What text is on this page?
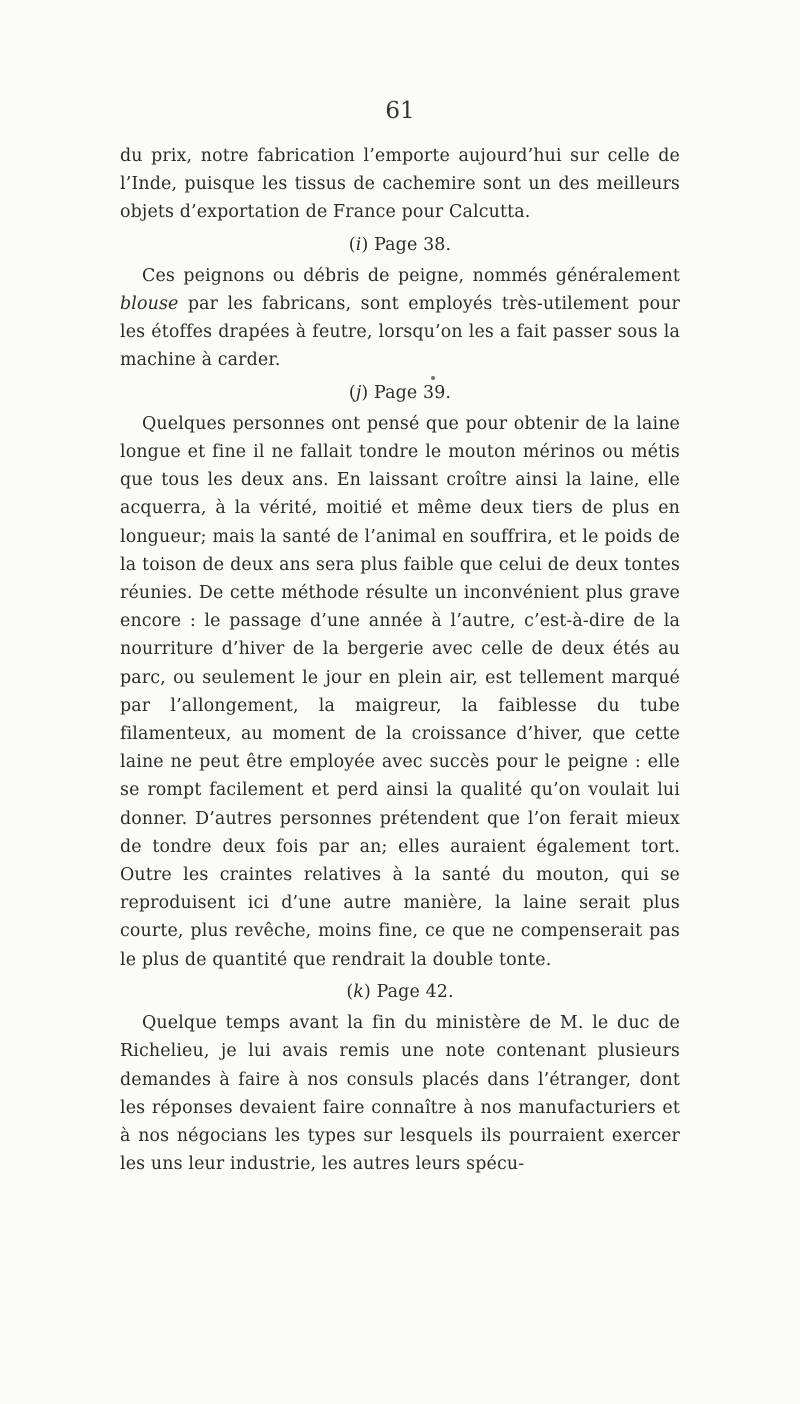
61

du prix, notre fabrication l’emporte aujourd’hui sur celle de l’Inde, puisque les tissus de cachemire sont un des meilleurs objets d’exportation de France pour Calcutta.

(i) Page 38.

Ces peignons ou débris de peigne, nommés généralement blouse par les fabricans, sont employés très-utilement pour les étoffes drapées à feutre, lorsqu’on les a fait passer sous la machine à carder.

(j) Page 39.

Quelques personnes ont pensé que pour obtenir de la laine longue et fine il ne fallait tondre le mouton mérinos ou métis que tous les deux ans. En laissant croître ainsi la laine, elle acquerra, à la vérité, moitié et même deux tiers de plus en longueur; mais la santé de l’animal en souffrira, et le poids de la toison de deux ans sera plus faible que celui de deux tontes réunies. De cette méthode résulte un inconvénient plus grave encore : le passage d’une année à l’autre, c’est-à-dire de la nourriture d’hiver de la bergerie avec celle de deux étés au parc, ou seulement le jour en plein air, est tellement marqué par l’allongement, la maigreur, la faiblesse du tube filamenteux, au moment de la croissance d’hiver, que cette laine ne peut être employée avec succès pour le peigne : elle se rompt facilement et perd ainsi la qualité qu’on voulait lui donner. D’autres personnes prétendent que l’on ferait mieux de tondre deux fois par an; elles auraient également tort. Outre les craintes relatives à la santé du mouton, qui se reproduisent ici d’une autre manière, la laine serait plus courte, plus revêche, moins fine, ce que ne compenserait pas le plus de quantité que rendrait la double tonte.

(k) Page 42.

Quelque temps avant la fin du ministère de M. le duc de Richelieu, je lui avais remis une note contenant plusieurs demandes à faire à nos consuls placés dans l’étranger, dont les réponses devaient faire connaître à nos manufacturiers et à nos négocians les types sur lesquels ils pourraient exercer les uns leur industrie, les autres leurs spécu-
